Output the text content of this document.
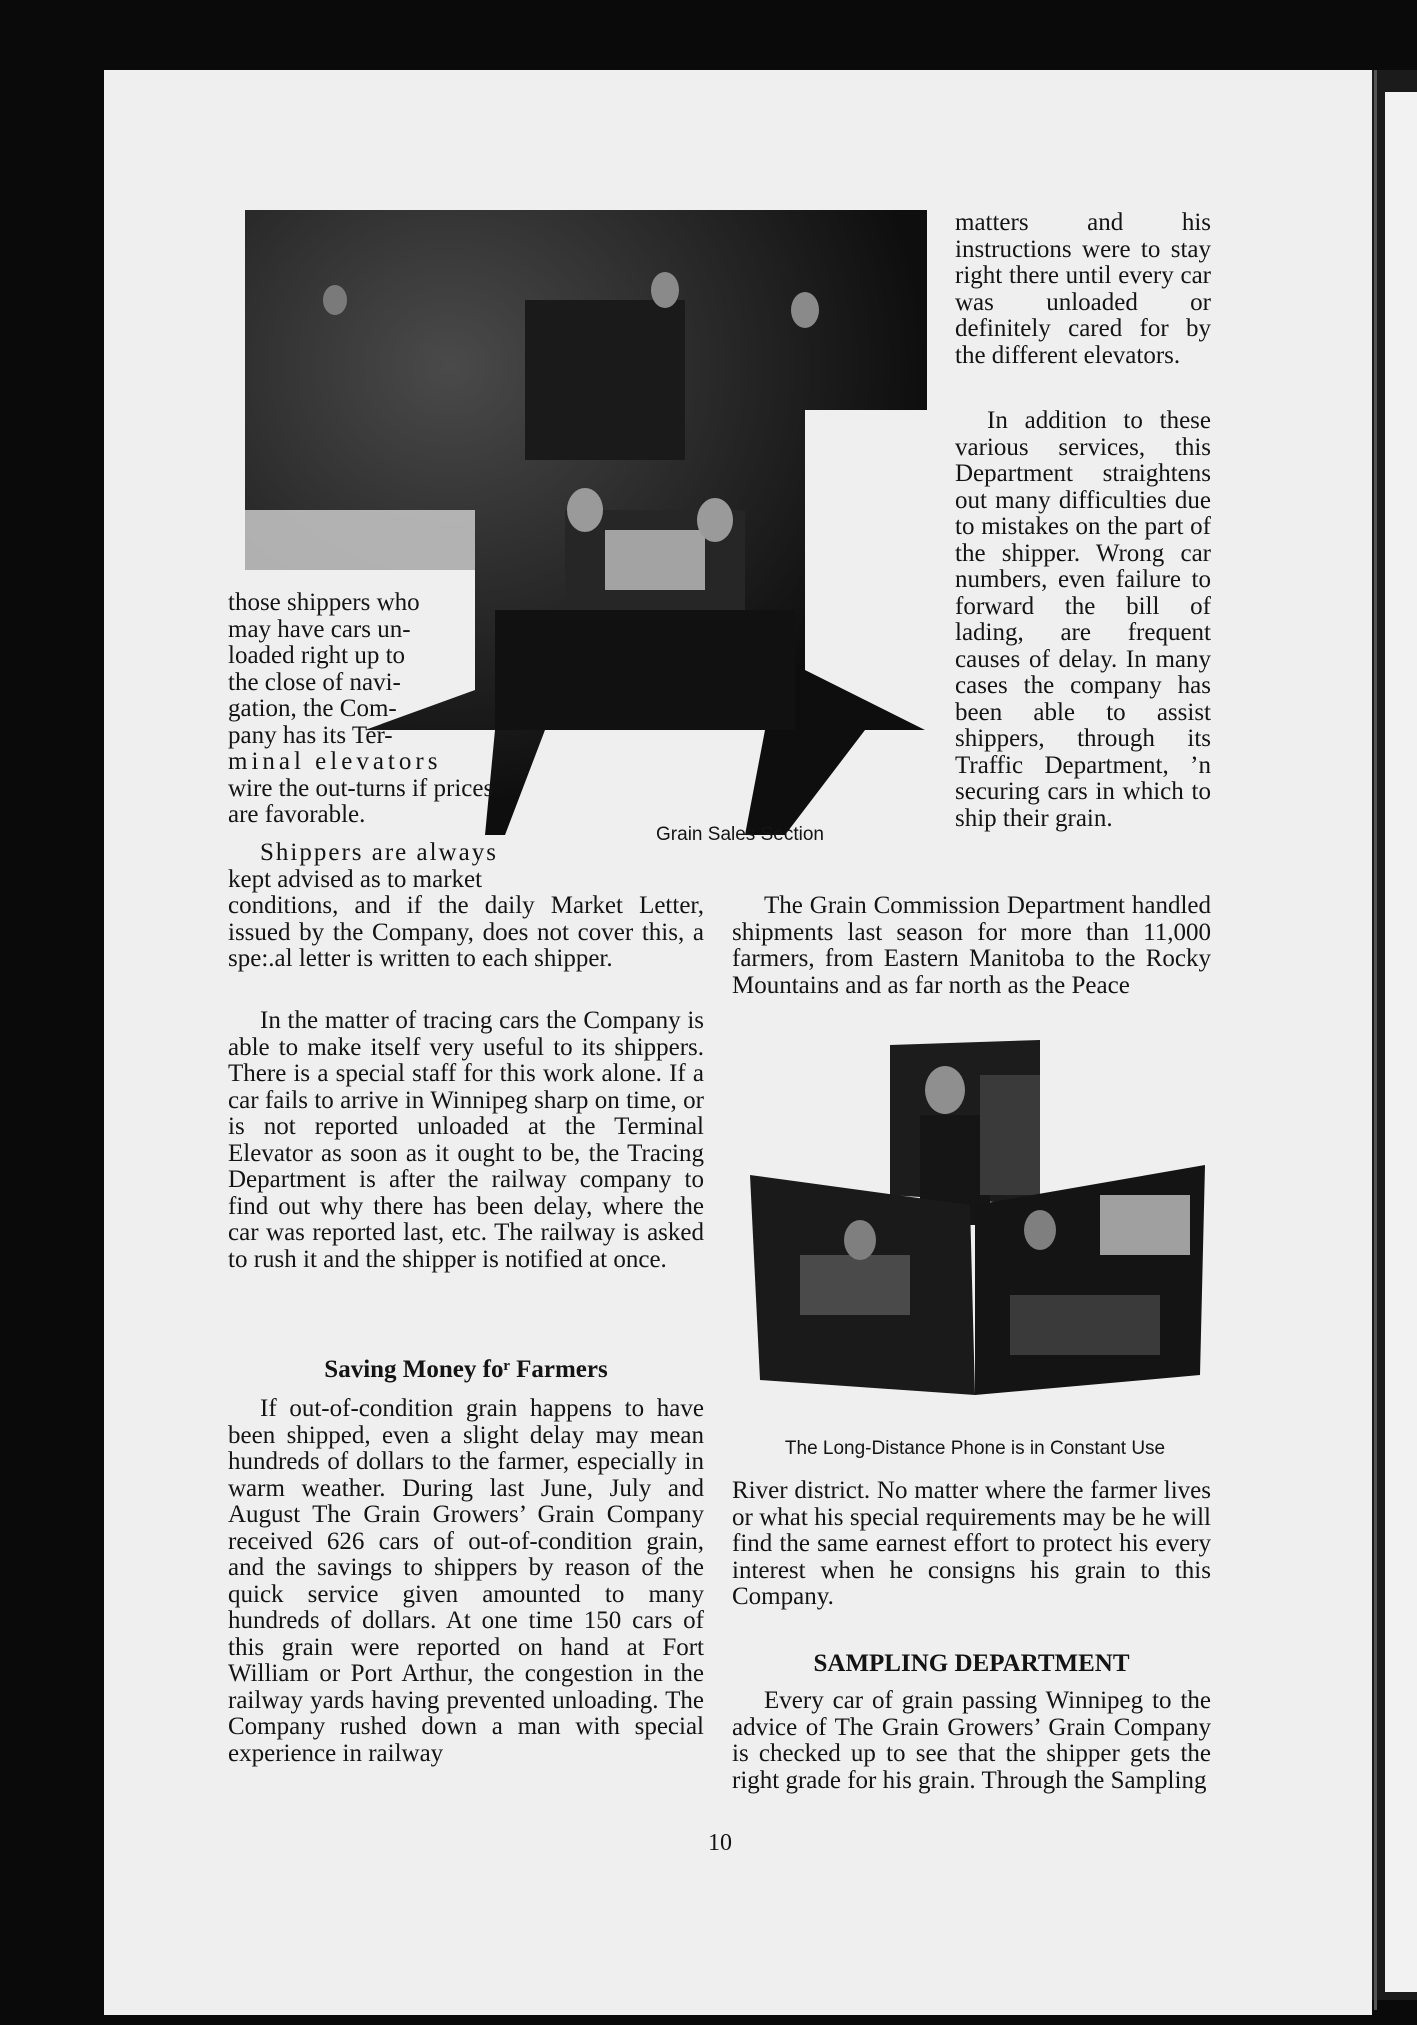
Grain Sales Section
those shippers who
may have cars un-
loaded right up to
the close of navi-
gation, the Com-
pany has its Ter-
minal elevators
wire the out-turns if prices
are favorable.
Shippers are always
kept advised as to market

conditions, and if the daily Market Letter, issued by the Company, does not cover this, a spe:.al letter is written to each shipper.

In the matter of tracing cars the Company is able to make itself very useful to its shippers. There is a special staff for this work alone. If a car fails to arrive in Winnipeg sharp on time, or is not reported unloaded at the Terminal Elevator as soon as it ought to be, the Tracing Department is after the railway company to find out why there has been delay, where the car was reported last, etc. The railway is asked to rush it and the shipper is notified at once.

Saving Money foʳ Farmers

If out-of-condition grain happens to have been shipped, even a slight delay may mean hundreds of dollars to the farmer, especially in warm weather. During last June, July and August The Grain Growers’ Grain Company received 626 cars of out-of-condition grain, and the savings to shippers by reason of the quick service given amounted to many hundreds of dollars. At one time 150 cars of this grain were reported on hand at Fort William or Port Arthur, the congestion in the railway yards having prevented unloading. The Company rushed down a man with special experience in railway

matters and his instructions were to stay right there until every car was unloaded or definitely cared for by the different elevators.

In addition to these various services, this Department straightens out many difficulties due to mistakes on the part of the shipper. Wrong car numbers, even failure to forward the bill of lading, are frequent causes of delay. In many cases the company has been able to assist shippers, through its Traffic Department, ’n securing cars in which to ship their grain.

The Grain Commission Department handled shipments last season for more than 11,000 farmers, from Eastern Manitoba to the Rocky Mountains and as far north as the Peace

The Long-Distance Phone is in Constant Use

River district. No matter where the farmer lives or what his special requirements may be he will find the same earnest effort to protect his every interest when he consigns his grain to this Company.

SAMPLING DEPARTMENT

Every car of grain passing Winnipeg to the advice of The Grain Growers’ Grain Company is checked up to see that the shipper gets the right grade for his grain. Through the Sampling

10
